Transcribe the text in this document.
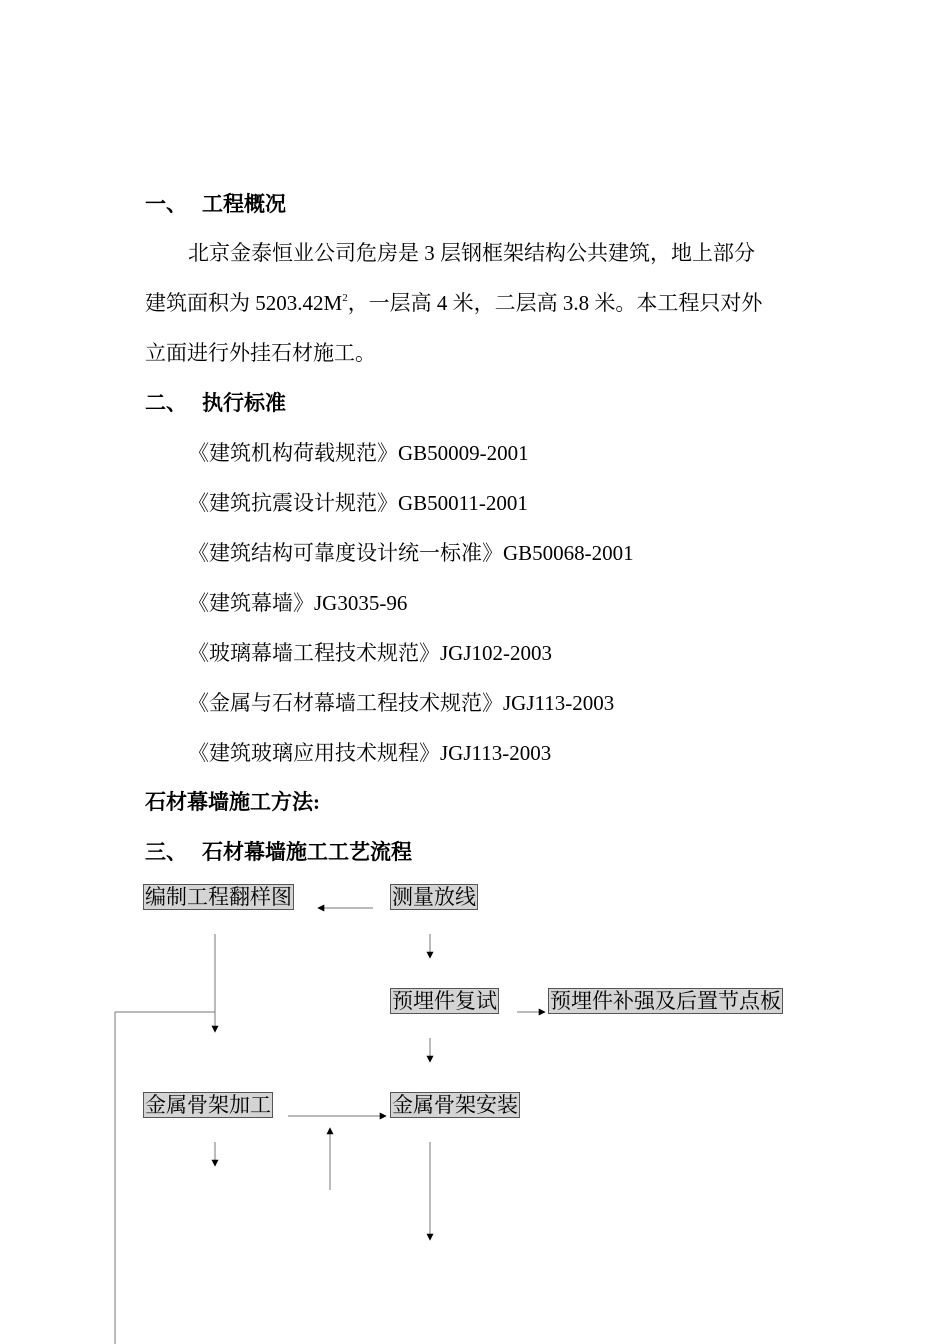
一、 工程概况
北京金泰恒业公司危房是 3 层钢框架结构公共建筑，地上部分
建筑面积为 $5203.42M^2$，一层高 4 米，二层高 3.8 米。本工程只对外
立面进行外挂石材施工。
二、 执行标准
《建筑机构荷载规范》GB50009-2001
《建筑抗震设计规范》GB50011-2001
《建筑结构可靠度设计统一标准》GB50068-2001
《建筑幕墙》JG3035-96
《玻璃幕墙工程技术规范》JGJ102-2003
《金属与石材幕墙工程技术规范》JGJ113-2003
《建筑玻璃应用技术规程》JGJ113-2003
石材幕墙施工方法:
三、 石材幕墙施工工艺流程
编制工程翻样图	测量放线
预埋件复试	预埋件补强及后置节点板
金属骨架加工	金属骨架安装
